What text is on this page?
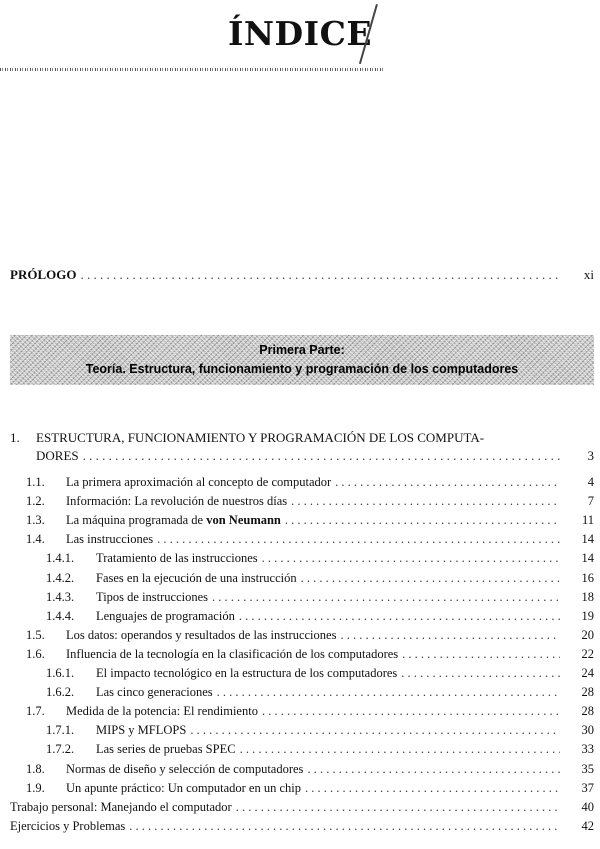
ÍNDICE
PRÓLOGO . . .	xi
Primera Parte:
Teoría. Estructura, funcionamiento y programación de los computadores
1.	ESTRUCTURA, FUNCIONAMIENTO Y PROGRAMACIÓN DE LOS COMPUTA-
DORES . . .	3
1.1.	La primera aproximación al concepto de computador . . .	4
1.2.	Información: La revolución de nuestros días . . .	7
1.3.	La máquina programada de von Neumann . . .	11
1.4.	Las instrucciones . . .	14
1.4.1.	Tratamiento de las instrucciones . . .	14
1.4.2.	Fases en la ejecución de una instrucción . . .	16
1.4.3.	Tipos de instrucciones . . .	18
1.4.4.	Lenguajes de programación . . .	19
1.5.	Los datos: operandos y resultados de las instrucciones . . .	20
1.6.	Influencia de la tecnología en la clasificación de los computadores . . .	22
1.6.1.	El impacto tecnológico en la estructura de los computadores . . .	24
1.6.2.	Las cinco generaciones . . .	28
1.7.	Medida de la potencia: El rendimiento . . .	28
1.7.1.	MIPS y MFLOPS . . .	30
1.7.2.	Las series de pruebas SPEC . . .	33
1.8.	Normas de diseño y selección de computadores . . .	35
1.9.	Un apunte práctico: Un computador en un chip . . .	37
Trabajo personal: Manejando el computador . . .	40
Ejercicios y Problemas . . .	42
